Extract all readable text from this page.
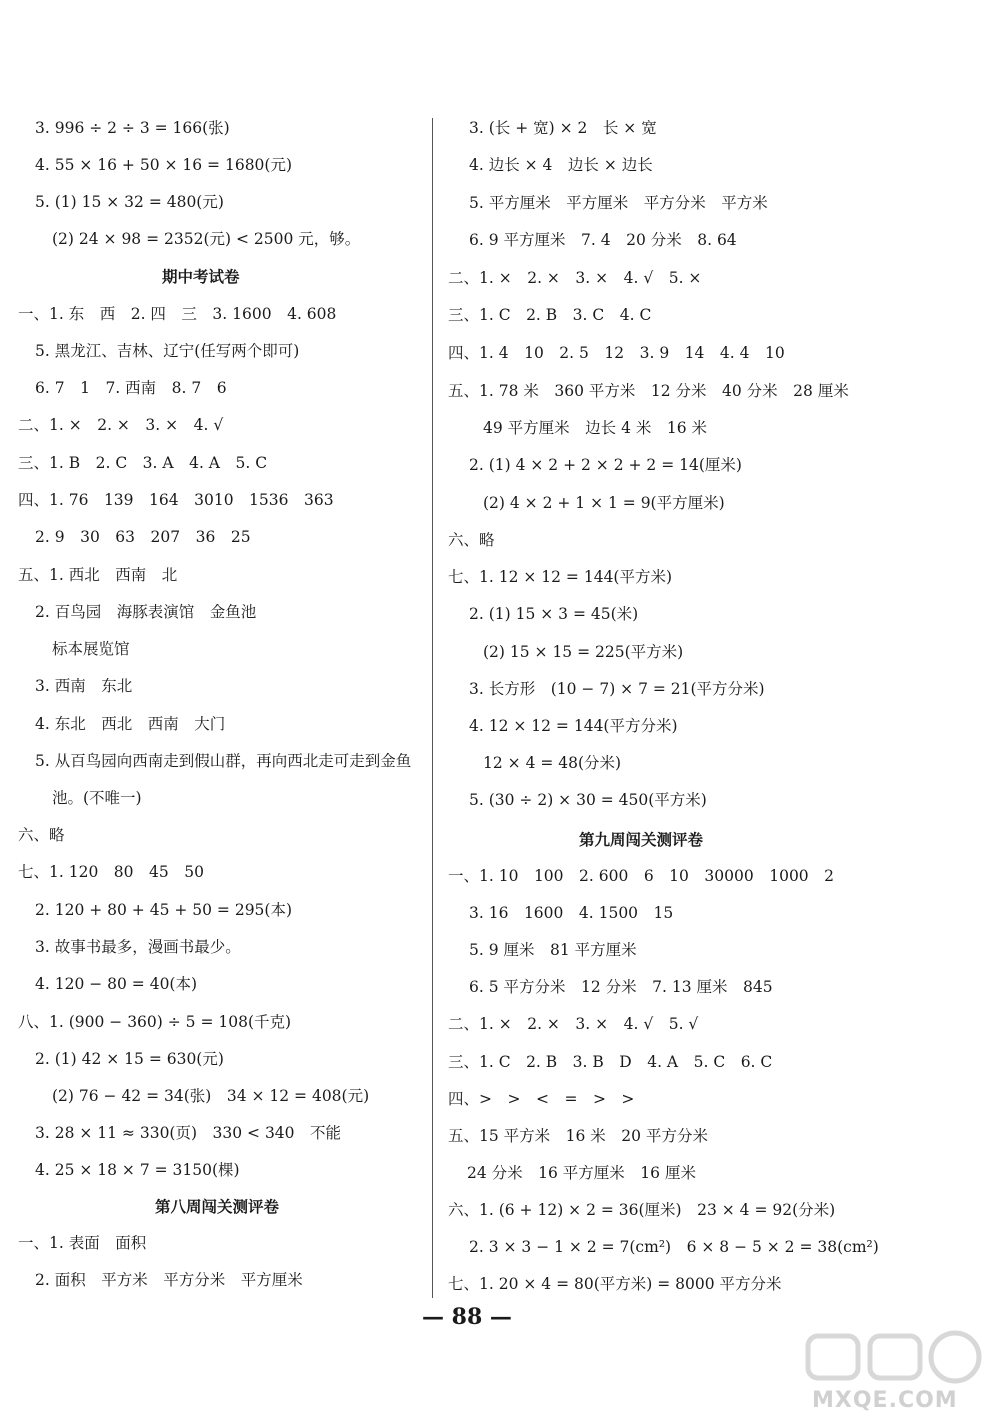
3. 996 ÷ 2 ÷ 3 = 166(张)
4. 55 × 16 + 50 × 16 = 1680(元)
5. (1) 15 × 32 = 480(元)
(2) 24 × 98 = 2352(元) < 2500 元，够。
期中考试卷
一、1. 东　西　2. 四　三　3. 1600　4. 608
5. 黑龙江、吉林、辽宁(任写两个即可)
6. 7　1　7. 西南　8. 7　6
二、1. ×　2. ×　3. ×　4. √
三、1. B　2. C　3. A　4. A　5. C
四、1. 76　139　164　3010　1536　363
2. 9　30　63　207　36　25
五、1. 西北　西南　北
2. 百鸟园　海豚表演馆　金鱼池
标本展览馆
3. 西南　东北
4. 东北　西北　西南　大门
5. 从百鸟园向西南走到假山群，再向西北走可走到金鱼
池。(不唯一)
六、略
七、1. 120　80　45　50
2. 120 + 80 + 45 + 50 = 295(本)
3. 故事书最多，漫画书最少。
4. 120 − 80 = 40(本)
八、1. (900 − 360) ÷ 5 = 108(千克)
2. (1) 42 × 15 = 630(元)
(2) 76 − 42 = 34(张)　34 × 12 = 408(元)
3. 28 × 11 ≈ 330(页)　330 < 340　不能
4. 25 × 18 × 7 = 3150(棵)
第八周闯关测评卷
一、1. 表面　面积
2. 面积　平方米　平方分米　平方厘米
3. (长 + 宽) × 2　长 × 宽
4. 边长 × 4　边长 × 边长
5. 平方厘米　平方厘米　平方分米　平方米
6. 9 平方厘米　7. 4　20 分米　8. 64
二、1. ×　2. ×　3. ×　4. √　5. ×
三、1. C　2. B　3. C　4. C
四、1. 4　10　2. 5　12　3. 9　14　4. 4　10
五、1. 78 米　360 平方米　12 分米　40 分米　28 厘米
49 平方厘米　边长 4 米　16 米
2. (1) 4 × 2 + 2 × 2 + 2 = 14(厘米)
(2) 4 × 2 + 1 × 1 = 9(平方厘米)
六、略
七、1. 12 × 12 = 144(平方米)
2. (1) 15 × 3 = 45(米)
(2) 15 × 15 = 225(平方米)
3. 长方形　(10 − 7) × 7 = 21(平方分米)
4. 12 × 12 = 144(平方分米)
12 × 4 = 48(分米)
5. (30 ÷ 2) × 30 = 450(平方米)
第九周闯关测评卷
一、1. 10　100　2. 600　6　10　30000　1000　2
3. 16　1600　4. 1500　15
5. 9 厘米　81 平方厘米
6. 5 平方分米　12 分米　7. 13 厘米　845
二、1. ×　2. ×　3. ×　4. √　5. √
三、1. C　2. B　3. B　D　4. A　5. C　6. C
四、>　>　<　=　>　>
五、15 平方米　16 米　20 平方分米
24 分米　16 平方厘米　16 厘米
六、1. (6 + 12) × 2 = 36(厘米)　23 × 4 = 92(分米)
2. 3 × 3 − 1 × 2 = 7(cm²)　6 × 8 − 5 × 2 = 38(cm²)
七、1. 20 × 4 = 80(平方米) = 8000 平方分米
— 88 —
MXQE.COM
